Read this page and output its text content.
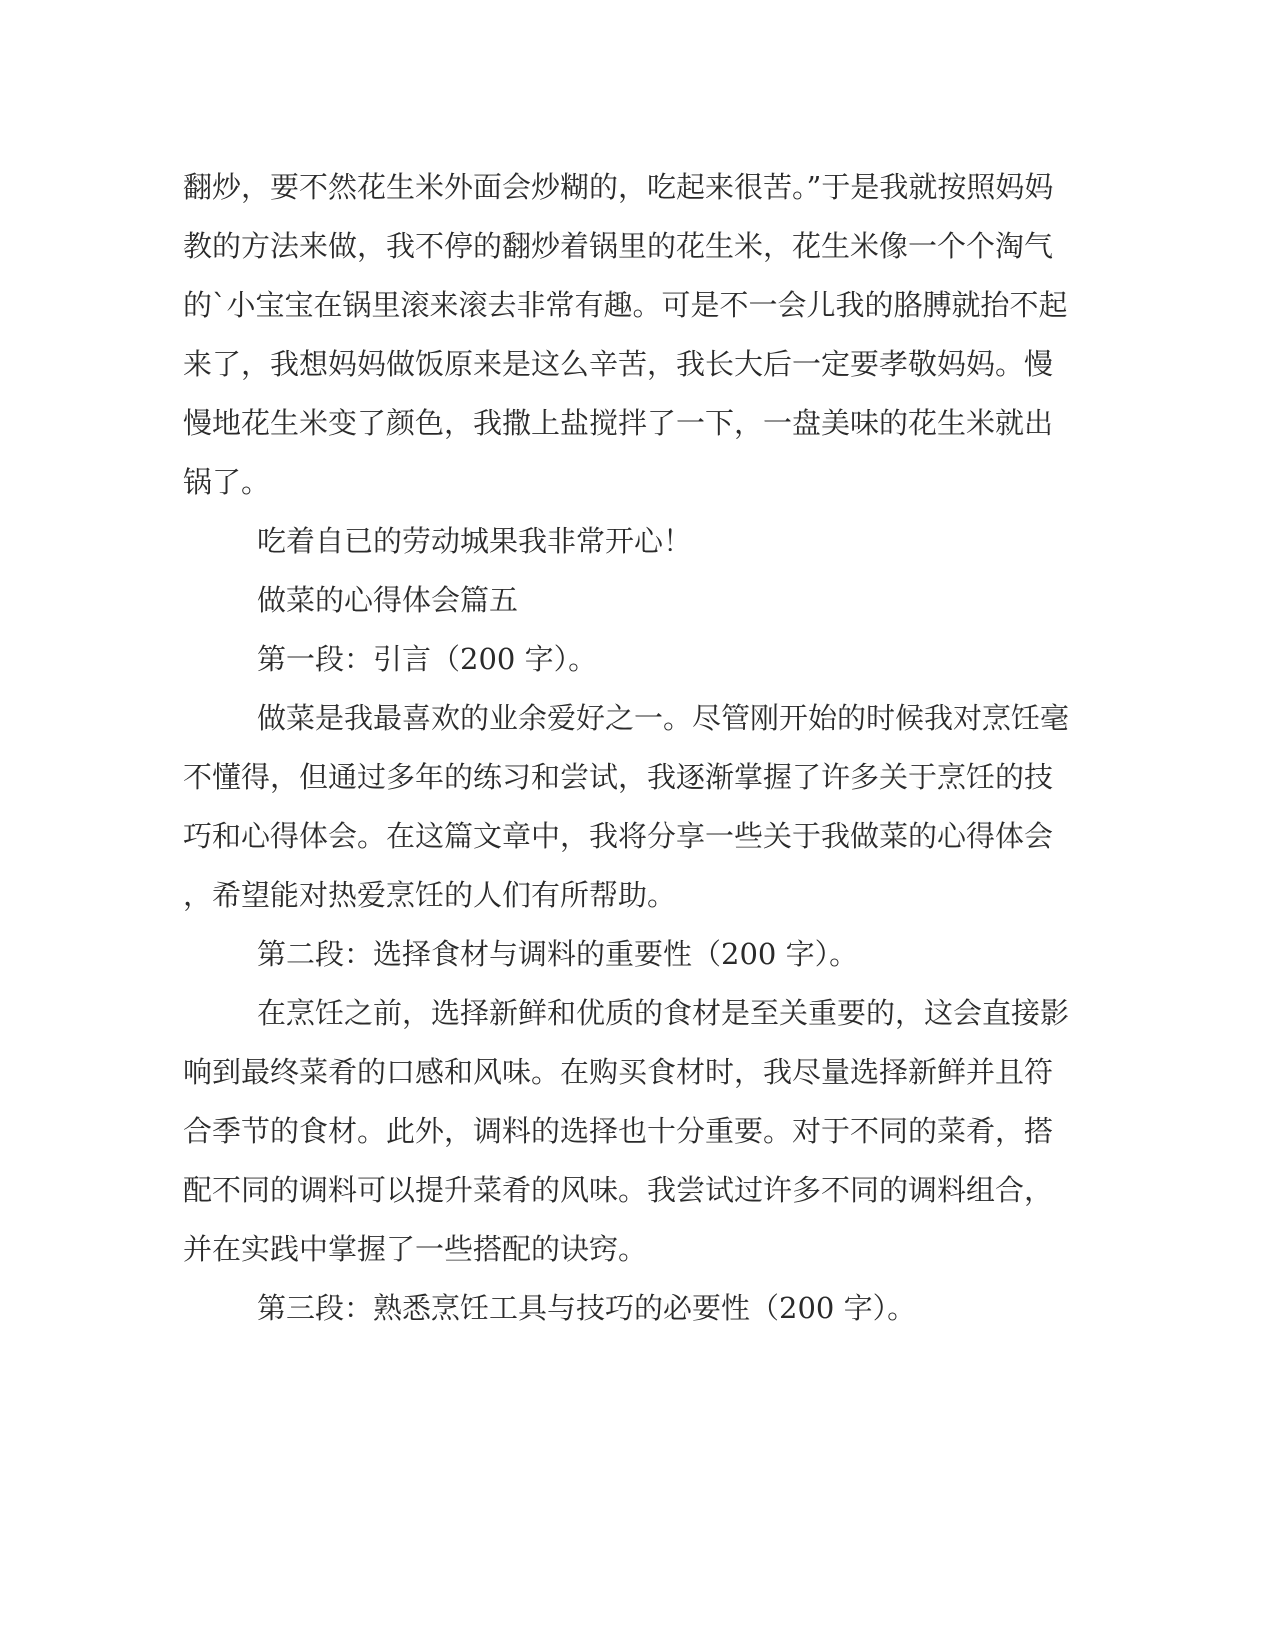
翻炒，要不然花生米外面会炒糊的，吃起来很苦。”于是我就按照妈妈

教的方法来做，我不停的翻炒着锅里的花生米，花生米像一个个淘气

的`小宝宝在锅里滚来滚去非常有趣。可是不一会儿我的胳膊就抬不起

来了，我想妈妈做饭原来是这么辛苦，我长大后一定要孝敬妈妈。慢

慢地花生米变了颜色，我撒上盐搅拌了一下，一盘美味的花生米就出

锅了。

吃着自已的劳动城果我非常开心！

做菜的心得体会篇五

第一段：引言（200 字）。

做菜是我最喜欢的业余爱好之一。尽管刚开始的时候我对烹饪毫

不懂得，但通过多年的练习和尝试，我逐渐掌握了许多关于烹饪的技

巧和心得体会。在这篇文章中，我将分享一些关于我做菜的心得体会

，希望能对热爱烹饪的人们有所帮助。

第二段：选择食材与调料的重要性（200 字）。

在烹饪之前，选择新鲜和优质的食材是至关重要的，这会直接影

响到最终菜肴的口感和风味。在购买食材时，我尽量选择新鲜并且符

合季节的食材。此外，调料的选择也十分重要。对于不同的菜肴，搭

配不同的调料可以提升菜肴的风味。我尝试过许多不同的调料组合，

并在实践中掌握了一些搭配的诀窍。

第三段：熟悉烹饪工具与技巧的必要性（200 字）。
